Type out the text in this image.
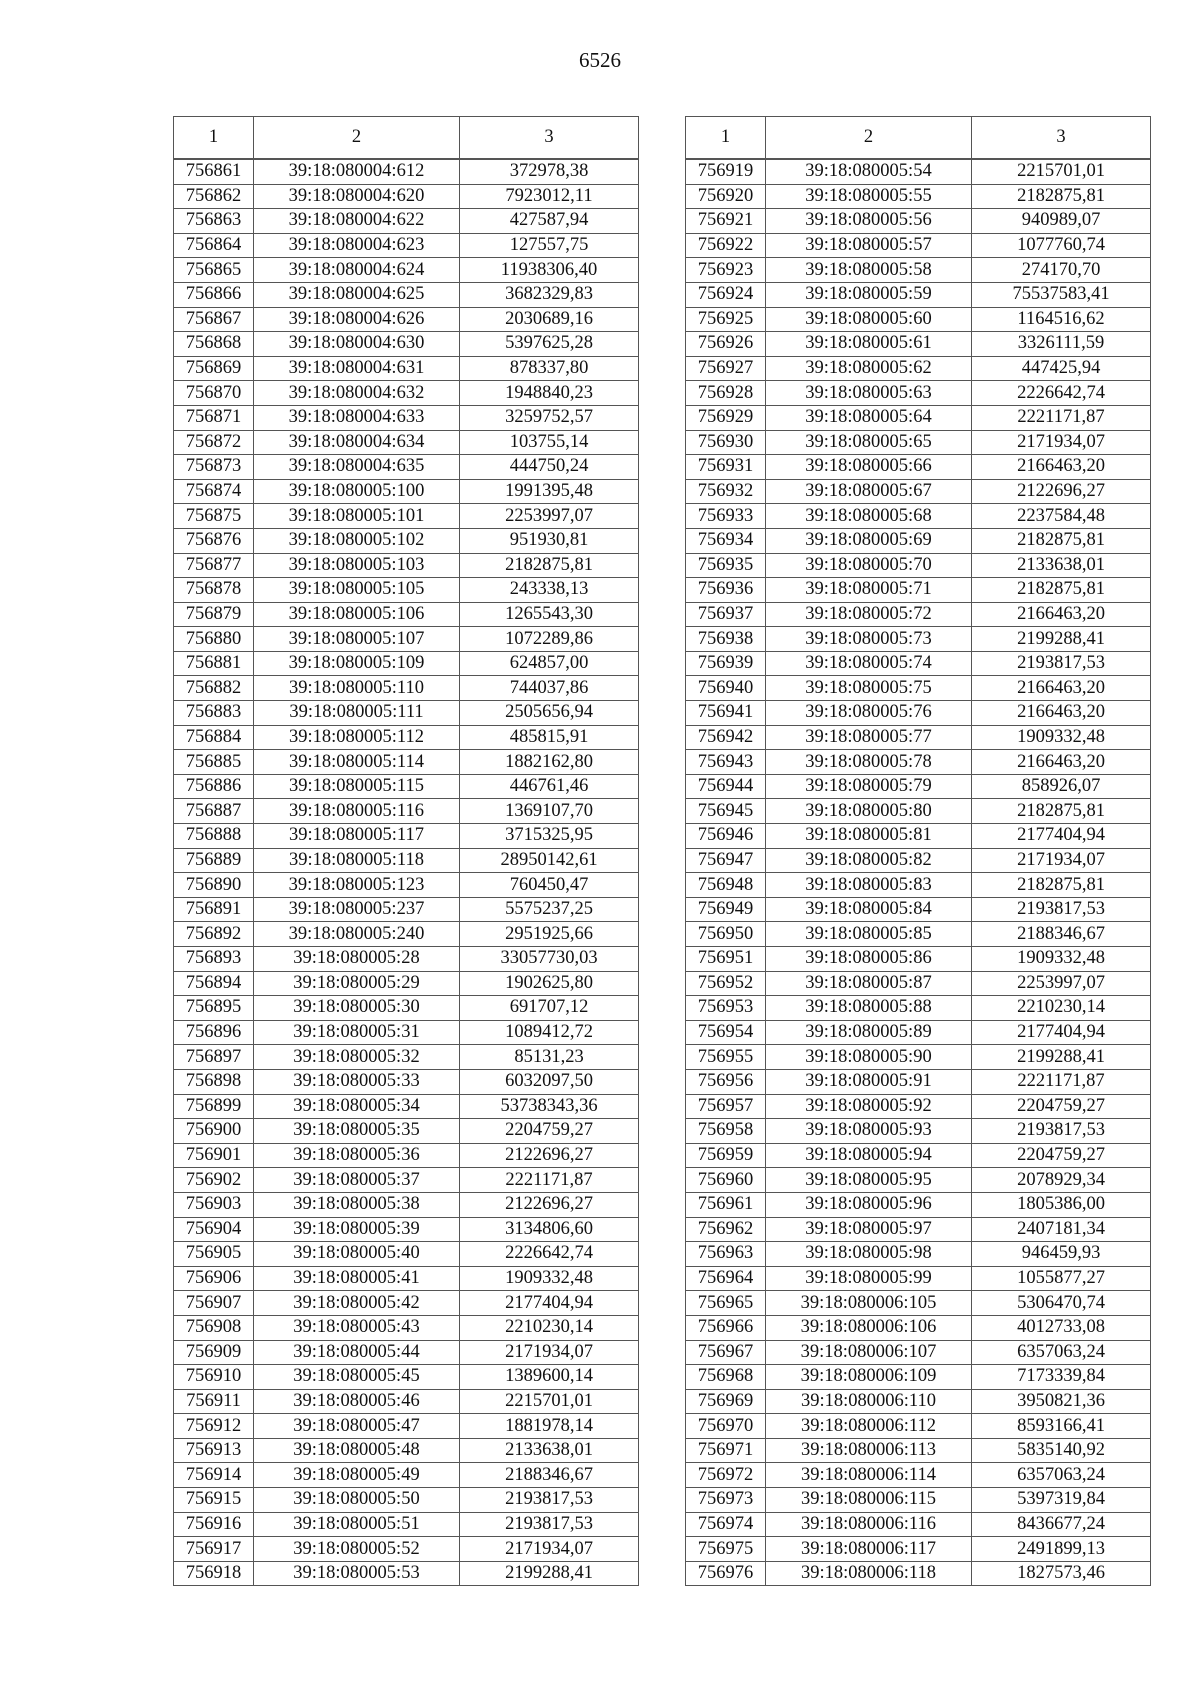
6526
1	2	3
756861	39:18:080004:612	372978,38
756862	39:18:080004:620	7923012,11
756863	39:18:080004:622	427587,94
756864	39:18:080004:623	127557,75
756865	39:18:080004:624	11938306,40
756866	39:18:080004:625	3682329,83
756867	39:18:080004:626	2030689,16
756868	39:18:080004:630	5397625,28
756869	39:18:080004:631	878337,80
756870	39:18:080004:632	1948840,23
756871	39:18:080004:633	3259752,57
756872	39:18:080004:634	103755,14
756873	39:18:080004:635	444750,24
756874	39:18:080005:100	1991395,48
756875	39:18:080005:101	2253997,07
756876	39:18:080005:102	951930,81
756877	39:18:080005:103	2182875,81
756878	39:18:080005:105	243338,13
756879	39:18:080005:106	1265543,30
756880	39:18:080005:107	1072289,86
756881	39:18:080005:109	624857,00
756882	39:18:080005:110	744037,86
756883	39:18:080005:111	2505656,94
756884	39:18:080005:112	485815,91
756885	39:18:080005:114	1882162,80
756886	39:18:080005:115	446761,46
756887	39:18:080005:116	1369107,70
756888	39:18:080005:117	3715325,95
756889	39:18:080005:118	28950142,61
756890	39:18:080005:123	760450,47
756891	39:18:080005:237	5575237,25
756892	39:18:080005:240	2951925,66
756893	39:18:080005:28	33057730,03
756894	39:18:080005:29	1902625,80
756895	39:18:080005:30	691707,12
756896	39:18:080005:31	1089412,72
756897	39:18:080005:32	85131,23
756898	39:18:080005:33	6032097,50
756899	39:18:080005:34	53738343,36
756900	39:18:080005:35	2204759,27
756901	39:18:080005:36	2122696,27
756902	39:18:080005:37	2221171,87
756903	39:18:080005:38	2122696,27
756904	39:18:080005:39	3134806,60
756905	39:18:080005:40	2226642,74
756906	39:18:080005:41	1909332,48
756907	39:18:080005:42	2177404,94
756908	39:18:080005:43	2210230,14
756909	39:18:080005:44	2171934,07
756910	39:18:080005:45	1389600,14
756911	39:18:080005:46	2215701,01
756912	39:18:080005:47	1881978,14
756913	39:18:080005:48	2133638,01
756914	39:18:080005:49	2188346,67
756915	39:18:080005:50	2193817,53
756916	39:18:080005:51	2193817,53
756917	39:18:080005:52	2171934,07
756918	39:18:080005:53	2199288,41
1	2	3
756919	39:18:080005:54	2215701,01
756920	39:18:080005:55	2182875,81
756921	39:18:080005:56	940989,07
756922	39:18:080005:57	1077760,74
756923	39:18:080005:58	274170,70
756924	39:18:080005:59	75537583,41
756925	39:18:080005:60	1164516,62
756926	39:18:080005:61	3326111,59
756927	39:18:080005:62	447425,94
756928	39:18:080005:63	2226642,74
756929	39:18:080005:64	2221171,87
756930	39:18:080005:65	2171934,07
756931	39:18:080005:66	2166463,20
756932	39:18:080005:67	2122696,27
756933	39:18:080005:68	2237584,48
756934	39:18:080005:69	2182875,81
756935	39:18:080005:70	2133638,01
756936	39:18:080005:71	2182875,81
756937	39:18:080005:72	2166463,20
756938	39:18:080005:73	2199288,41
756939	39:18:080005:74	2193817,53
756940	39:18:080005:75	2166463,20
756941	39:18:080005:76	2166463,20
756942	39:18:080005:77	1909332,48
756943	39:18:080005:78	2166463,20
756944	39:18:080005:79	858926,07
756945	39:18:080005:80	2182875,81
756946	39:18:080005:81	2177404,94
756947	39:18:080005:82	2171934,07
756948	39:18:080005:83	2182875,81
756949	39:18:080005:84	2193817,53
756950	39:18:080005:85	2188346,67
756951	39:18:080005:86	1909332,48
756952	39:18:080005:87	2253997,07
756953	39:18:080005:88	2210230,14
756954	39:18:080005:89	2177404,94
756955	39:18:080005:90	2199288,41
756956	39:18:080005:91	2221171,87
756957	39:18:080005:92	2204759,27
756958	39:18:080005:93	2193817,53
756959	39:18:080005:94	2204759,27
756960	39:18:080005:95	2078929,34
756961	39:18:080005:96	1805386,00
756962	39:18:080005:97	2407181,34
756963	39:18:080005:98	946459,93
756964	39:18:080005:99	1055877,27
756965	39:18:080006:105	5306470,74
756966	39:18:080006:106	4012733,08
756967	39:18:080006:107	6357063,24
756968	39:18:080006:109	7173339,84
756969	39:18:080006:110	3950821,36
756970	39:18:080006:112	8593166,41
756971	39:18:080006:113	5835140,92
756972	39:18:080006:114	6357063,24
756973	39:18:080006:115	5397319,84
756974	39:18:080006:116	8436677,24
756975	39:18:080006:117	2491899,13
756976	39:18:080006:118	1827573,46
